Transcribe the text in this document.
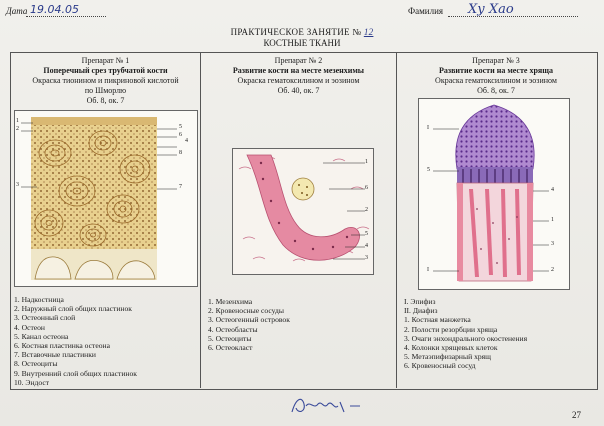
Дата 19.04.05	Фамилия Ху Хао
ПРАКТИЧЕСКОЕ ЗАНЯТИЕ № 12
КОСТНЫЕ ТКАНИ
Препарат № 1
Поперечный срез трубчатой кости
Окраска тионином и пикриновой кислотой
по Шморлю
Об. 8, ок. 7
1
2
3
5
6
4
8
7
1. Надкостница
2. Наружный слой общих пластинок
3. Остеонный слой
4. Остеон
5. Канал остеона
6. Костная пластинка остеона
7. Вставочные пластинки
8. Остеоциты
9. Внутренний слой общих пластинок
10. Эндост
Препарат № 2
Развитие кости на месте мезенхимы
Окраска гематоксилином и эозином
Об. 40, ок. 7
1
6
2
5
4
3
1. Мезенхима
2. Кровеносные сосуды
3. Остеогенный островок
4. Остеобласты
5. Остеоциты
6. Остеокласт
Препарат № 3
Развитие кости на месте хряща
Окраска гематоксилином и эозином
Об. 8, ок. 7
I
5
4
1
3
2
I
I. Эпифиз
II. Диафиз
1. Костная манжетка
2. Полости резорбции хряща
3. Очаги энхондрального окостенения
4. Колонки хрящевых клеток
5. Метаэпифизарный хрящ
6. Кровеносный сосуд
Васий
27
